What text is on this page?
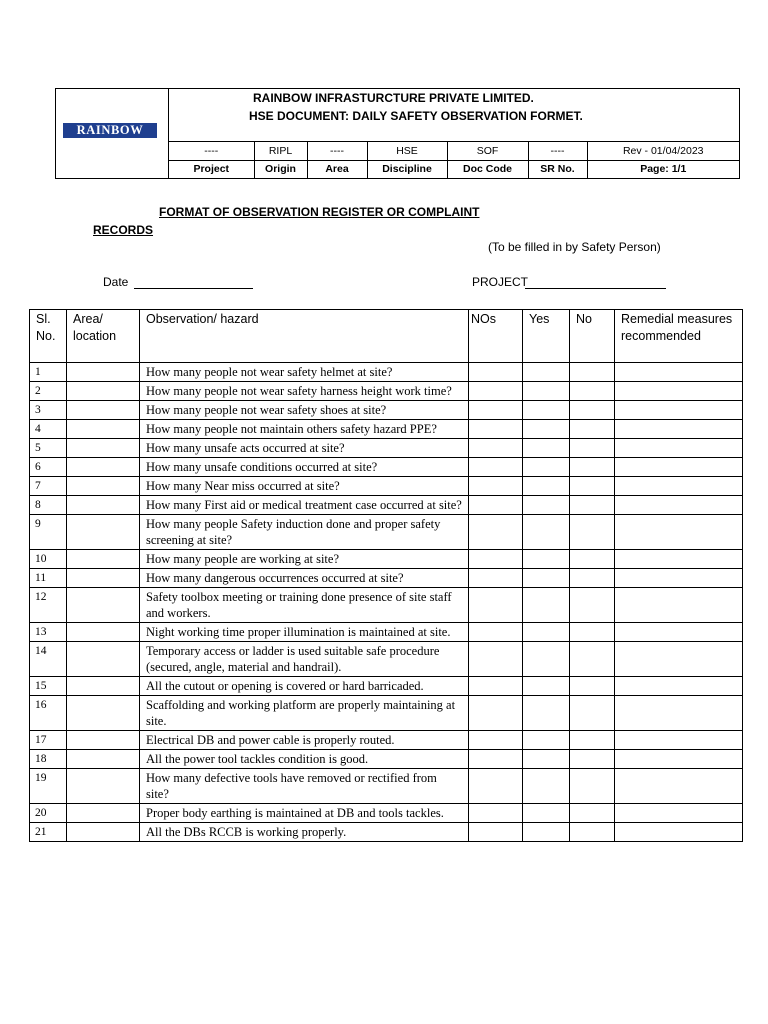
RAINBOW
RAINBOW INFRASTURCTURE PRIVATE LIMITED.
HSE DOCUMENT: DAILY SAFETY OBSERVATION FORMET.
----	RIPL	----	HSE	SOF	----	Rev - 01/04/2023
Project	Origin	Area	Discipline	Doc Code	SR No.	Page: 1/1
FORMAT OF OBSERVATION REGISTER OR COMPLAINT
RECORDS
(To be filled in by Safety Person)
Date	PROJECT
Sl. No.	Area/ location	Observation/ hazard	NOs	Yes	No	Remedial measures recommended
1		How many people not wear safety helmet at site?				
2		How many people not wear safety harness height work time?				
3		How many people not wear safety shoes at site?				
4		How many people not maintain others safety hazard PPE?				
5		How many unsafe acts occurred at site?				
6		How many unsafe conditions occurred at site?				
7		How many Near miss occurred at site?				
8		How many First aid or medical treatment case occurred at site?				
9		How many people Safety induction done and proper safety screening at site?				
10		How many people are working at site?				
11		How many dangerous occurrences occurred at site?				
12		Safety toolbox meeting or training done presence of site staff and workers.				
13		Night working time proper illumination is maintained at site.				
14		Temporary access or ladder is used suitable safe procedure (secured, angle, material and handrail).				
15		All the cutout or opening is covered or hard barricaded.				
16		Scaffolding and working platform are properly maintaining at site.				
17		Electrical DB and power cable is properly routed.				
18		All the power tool tackles condition is good.				
19		How many defective tools have removed or rectified from site?				
20		Proper body earthing is maintained at DB and tools tackles.				
21		All the DBs RCCB is working properly.				
